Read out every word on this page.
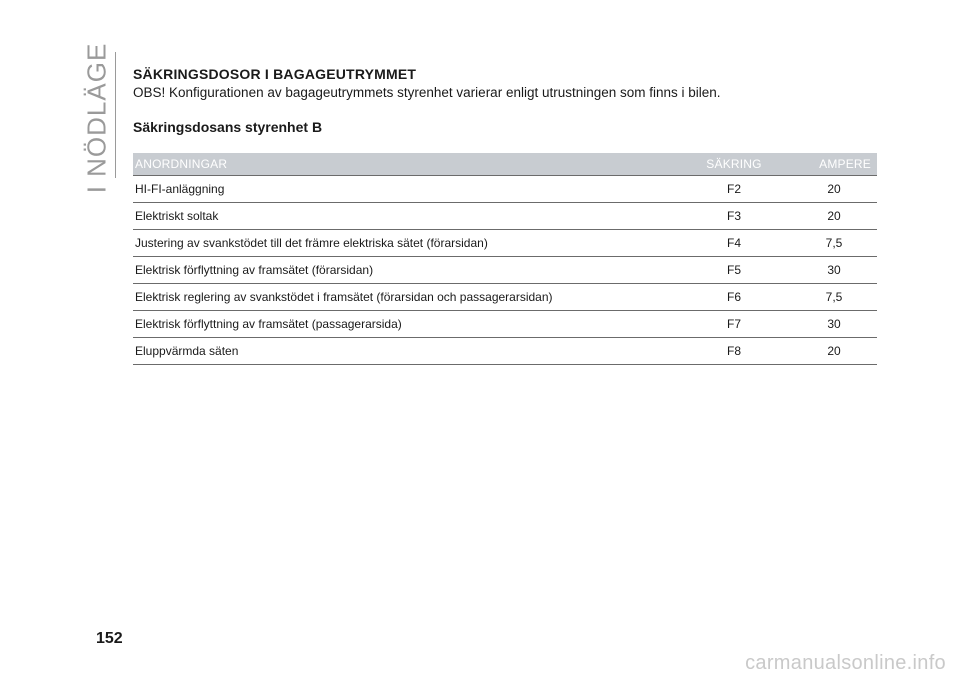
I NÖDLÄGE SÄKRINGSDOSOR I BAGAGEUTRYMMET

OBS! Konfigurationen av bagageutrymmets styrenhet varierar enligt utrustningen som finns i bilen.

Säkringsdosans styrenhet B
ANORDNINGAR	SÄKRING	AMPERE
HI-FI-anläggning	F2	20
Elektriskt soltak	F3	20
Justering av svankstödet till det främre elektriska sätet (förarsidan)	F4	7,5
Elektrisk förflyttning av framsätet (förarsidan)	F5	30
Elektrisk reglering av svankstödet i framsätet (förarsidan och passagerarsidan)	F6	7,5
Elektrisk förflyttning av framsätet (passagerarsida)	F7	30
Eluppvärmda säten	F8	20

152

carmanualsonline.info
